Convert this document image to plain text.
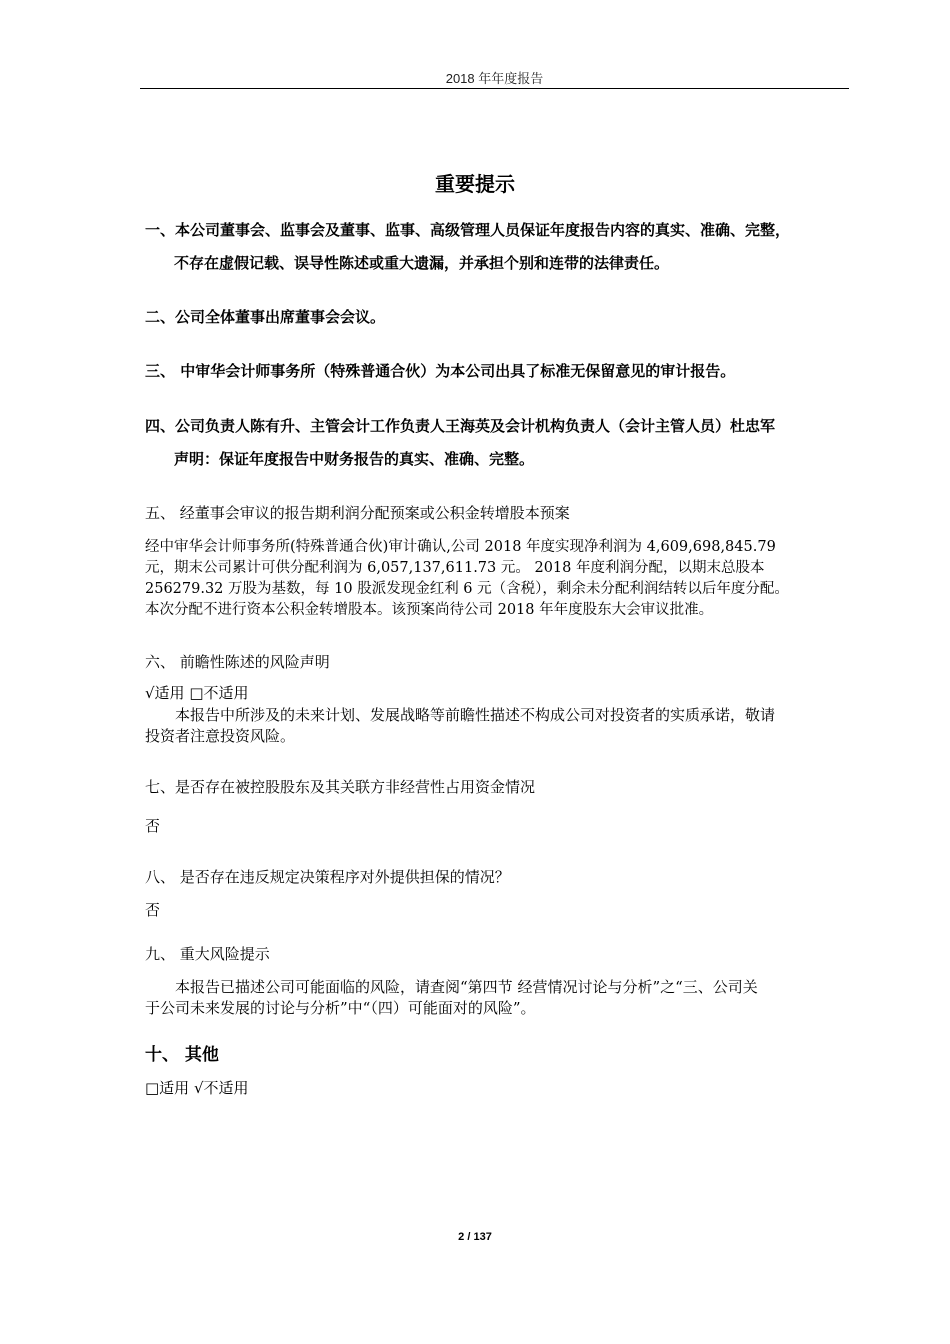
2018 年年度报告
重要提示
一、本公司董事会、监事会及董事、监事、高级管理人员保证年度报告内容的真实、准确、完整，
不存在虚假记载、误导性陈述或重大遗漏，并承担个别和连带的法律责任。
二、公司全体董事出席董事会会议。
三、 中审华会计师事务所（特殊普通合伙）为本公司出具了标准无保留意见的审计报告。
四、公司负责人陈有升、主管会计工作负责人王海英及会计机构负责人（会计主管人员）杜忠军
声明：保证年度报告中财务报告的真实、准确、完整。
五、 经董事会审议的报告期利润分配预案或公积金转增股本预案
经中审华会计师事务所(特殊普通合伙)审计确认,公司 2018 年度实现净利润为 4,609,698,845.79
元，期末公司累计可供分配利润为 6,057,137,611.73 元。 2018 年度利润分配，以期末总股本
256279.32 万股为基数，每 10 股派发现金红利 6 元（含税），剩余未分配利润结转以后年度分配。
本次分配不进行资本公积金转增股本。该预案尚待公司 2018 年年度股东大会审议批准。
六、 前瞻性陈述的风险声明
√适用 □不适用
本报告中所涉及的未来计划、发展战略等前瞻性描述不构成公司对投资者的实质承诺，敬请
投资者注意投资风险。
七、是否存在被控股股东及其关联方非经营性占用资金情况
否
八、 是否存在违反规定决策程序对外提供担保的情况？
否
九、 重大风险提示
本报告已描述公司可能面临的风险，请查阅“第四节 经营情况讨论与分析”之“三、公司关
于公司未来发展的讨论与分析”中“（四）可能面对的风险”。
十、 其他
□适用 √不适用
2 / 137
